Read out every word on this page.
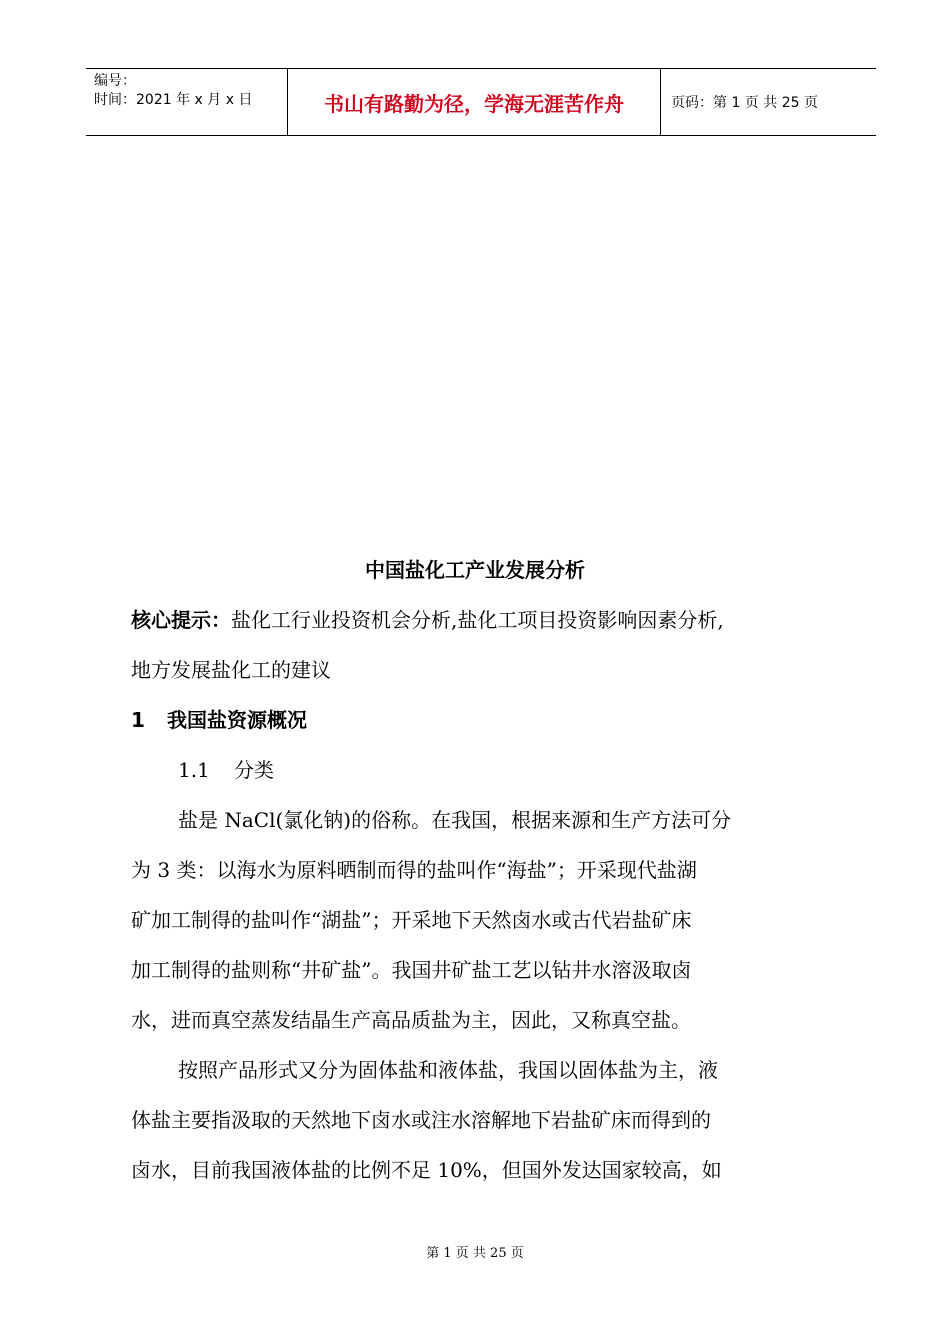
编号：
时间：2021 年 x 月 x 日	书山有路勤为径，学海无涯苦作舟	页码：第 1 页 共 25 页
中国盐化工产业发展分析
核心提示：盐化工行业投资机会分析,盐化工项目投资影响因素分析,
地方发展盐化工的建议
1 我国盐资源概况
1.1 分类
盐是 NaCl(氯化钠)的俗称。在我国，根据来源和生产方法可分
为 3 类：以海水为原料晒制而得的盐叫作“海盐”；开采现代盐湖
矿加工制得的盐叫作“湖盐”；开采地下天然卤水或古代岩盐矿床
加工制得的盐则称“井矿盐”。我国井矿盐工艺以钻井水溶汲取卤
水，进而真空蒸发结晶生产高品质盐为主，因此，又称真空盐。
按照产品形式又分为固体盐和液体盐，我国以固体盐为主，液
体盐主要指汲取的天然地下卤水或注水溶解地下岩盐矿床而得到的
卤水，目前我国液体盐的比例不足 10%，但国外发达国家较高，如
第 1 页 共 25 页
